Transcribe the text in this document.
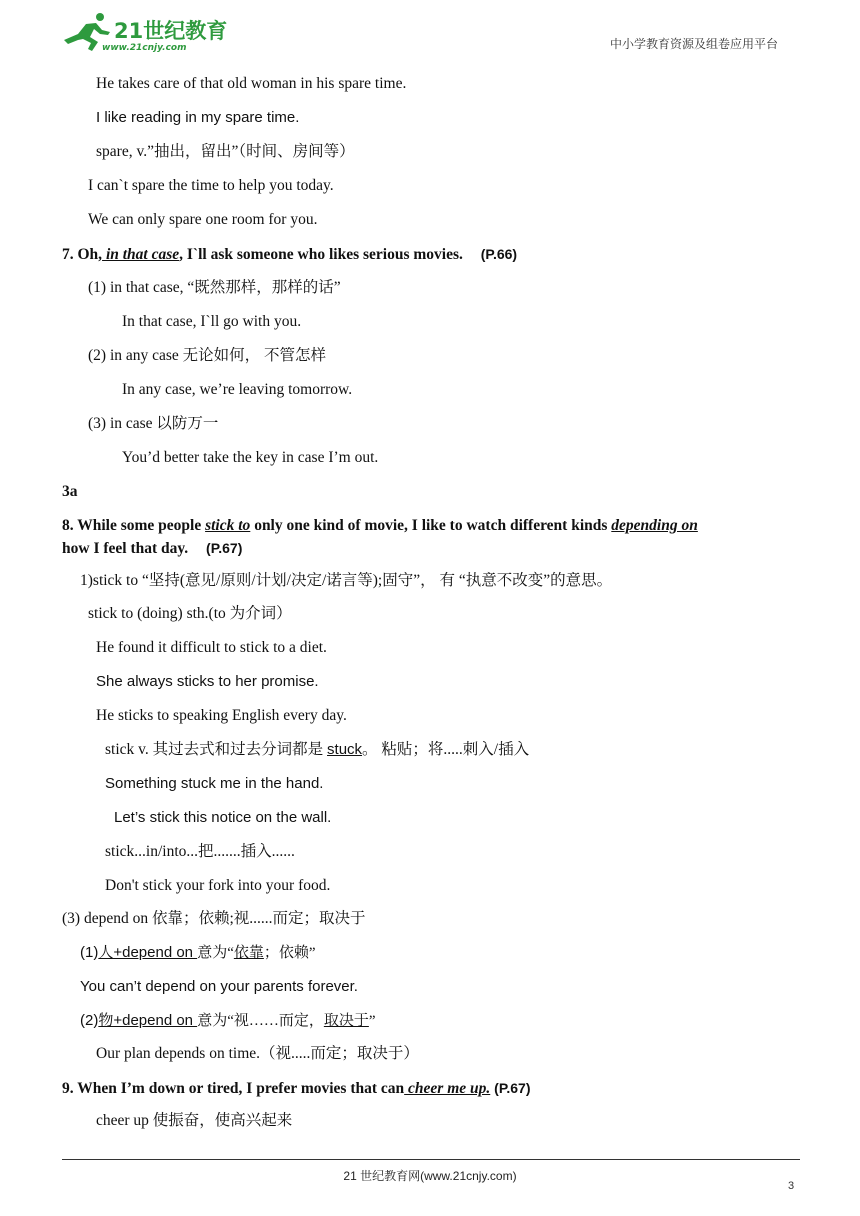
21世纪教育
www.21cnjy.com	中小学教育资源及组卷应用平台
He takes care of that old woman in his spare time.
I like reading in my spare time.
spare, v.”抽出，留出”（时间、房间等）
I can`t spare the time to help you today.
We can only spare one room for you.
7. Oh, in that case, I`ll ask someone who likes serious movies. (P.66)
(1) in that case, “既然那样，那样的话”
In that case, I`ll go with you.
(2) in any case 无论如何， 不管怎样
In any case, we’re leaving tomorrow.
(3) in case 以防万一
You’d better take the key in case I’m out.
3a
8. While some people stick to only one kind of movie, I like to watch different kinds depending on
how I feel that day. (P.67)
1)stick to “坚持(意见/原则/计划/决定/诺言等);固守”， 有 “执意不改变”的意思。
stick to (doing) sth.(to 为介词）
He found it difficult to stick to a diet.
She always sticks to her promise.
He sticks to speaking English every day.
stick v. 其过去式和过去分词都是 stuck。 粘贴；将.....刺入/插入
Something stuck me in the hand.
Let’s stick this notice on the wall.
stick...in/into...把.......插入......
Don't stick your fork into your food.
(3) depend on 依靠；依赖;视......而定；取决于
(1)人+depend on 意为“依靠；依赖”
You can’t depend on your parents forever.
(2)物+depend on 意为“视……而定，取决于”
Our plan depends on time.（视.....而定；取决于）
9. When I’m down or tired, I prefer movies that can cheer me up. (P.67)
cheer up 使振奋，使高兴起来
21 世纪教育网(www.21cnjy.com)
3
